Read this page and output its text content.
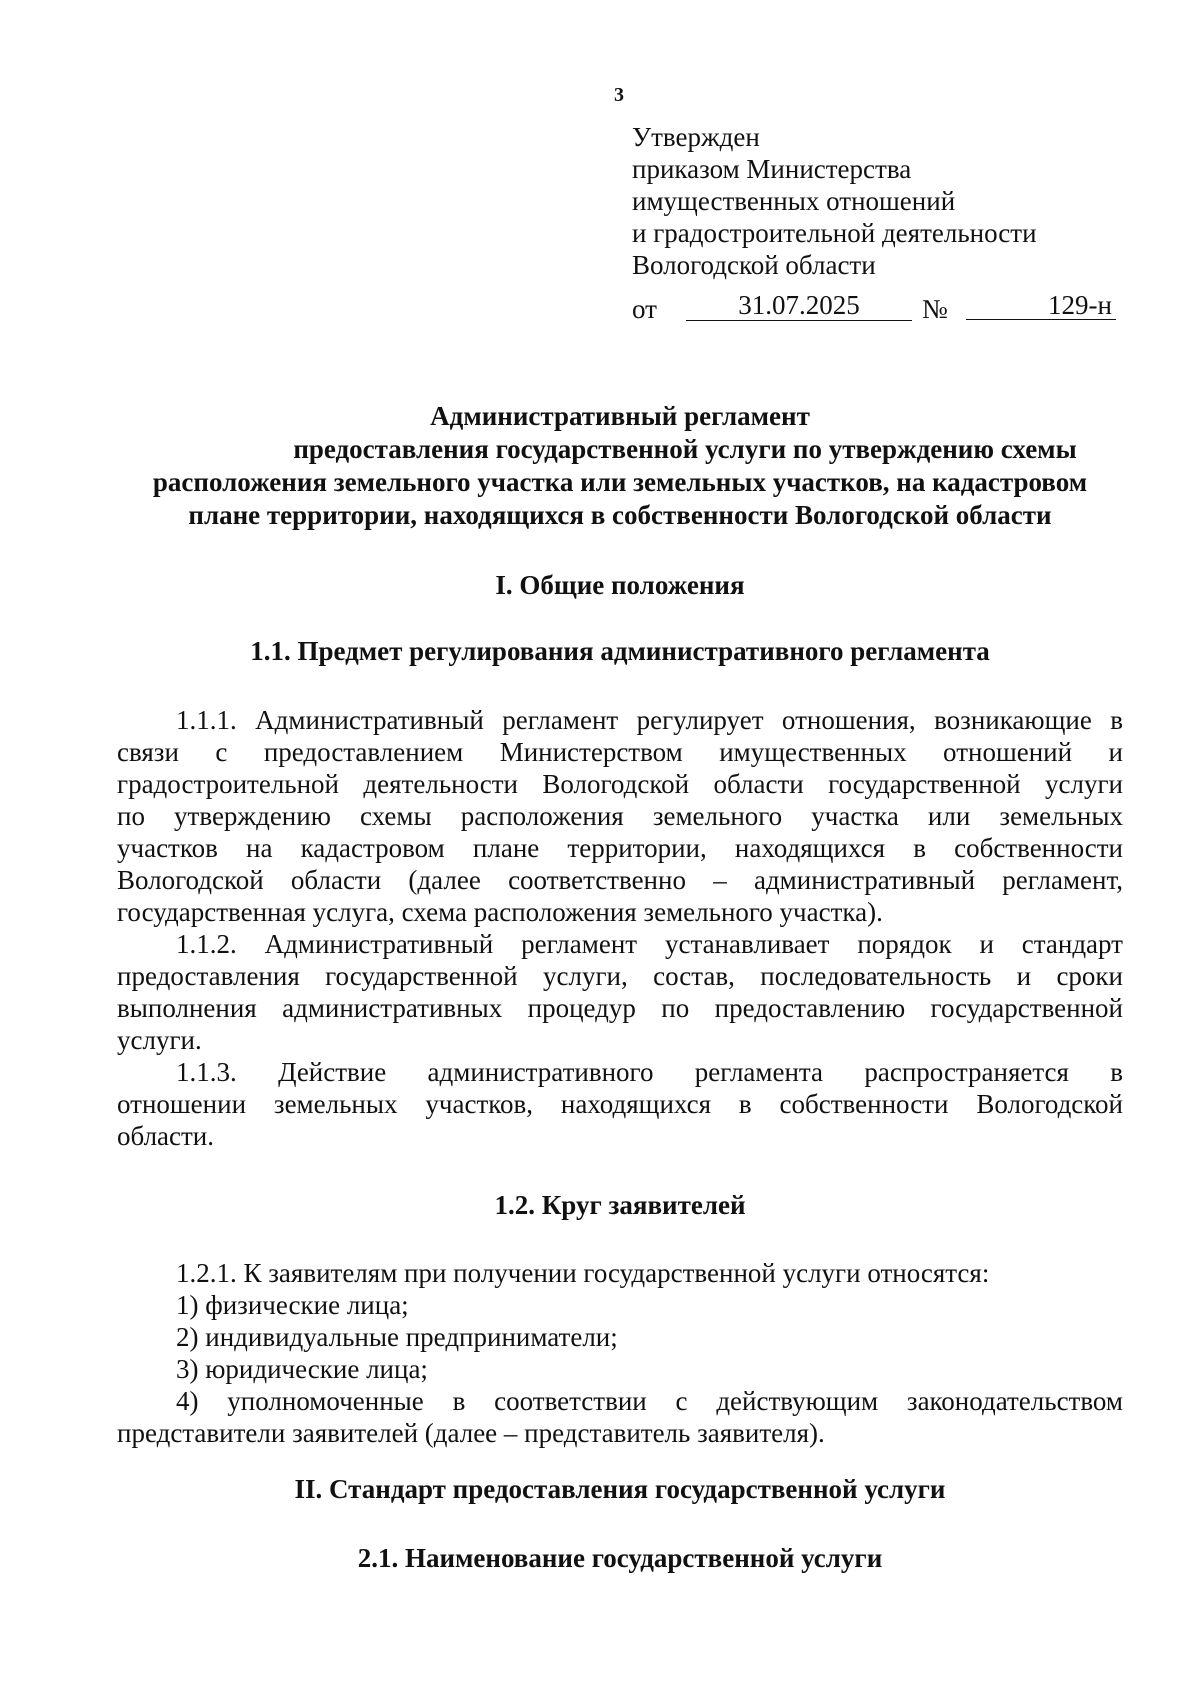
3
Утвержден
приказом Министерства
имущественных отношений
и градостроительной деятельности
Вологодской области
от	31.07.2025	№	129-н
Административный регламент
предоставления государственной услуги по утверждению схемы
расположения земельного участка или земельных участков, на кадастровом
плане территории, находящихся в собственности Вологодской области
I. Общие положения
1.1. Предмет регулирования административного регламента
1.1.1. Административный регламент регулирует отношения, возникающие в
связи с предоставлением Министерством имущественных отношений и
градостроительной деятельности Вологодской области государственной услуги
по утверждению схемы расположения земельного участка или земельных
участков на кадастровом плане территории, находящихся в собственности
Вологодской области (далее соответственно – административный регламент,
государственная услуга, схема расположения земельного участка).
1.1.2. Административный регламент устанавливает порядок и стандарт
предоставления государственной услуги, состав, последовательность и сроки
выполнения административных процедур по предоставлению государственной
услуги.
1.1.3. Действие административного регламента распространяется в
отношении земельных участков, находящихся в собственности Вологодской
области.
1.2. Круг заявителей
1.2.1. К заявителям при получении государственной услуги относятся:
1) физические лица;
2) индивидуальные предприниматели;
3) юридические лица;
4) уполномоченные в соответствии с действующим законодательством
представители заявителей (далее – представитель заявителя).
II. Стандарт предоставления государственной услуги
2.1. Наименование государственной услуги
